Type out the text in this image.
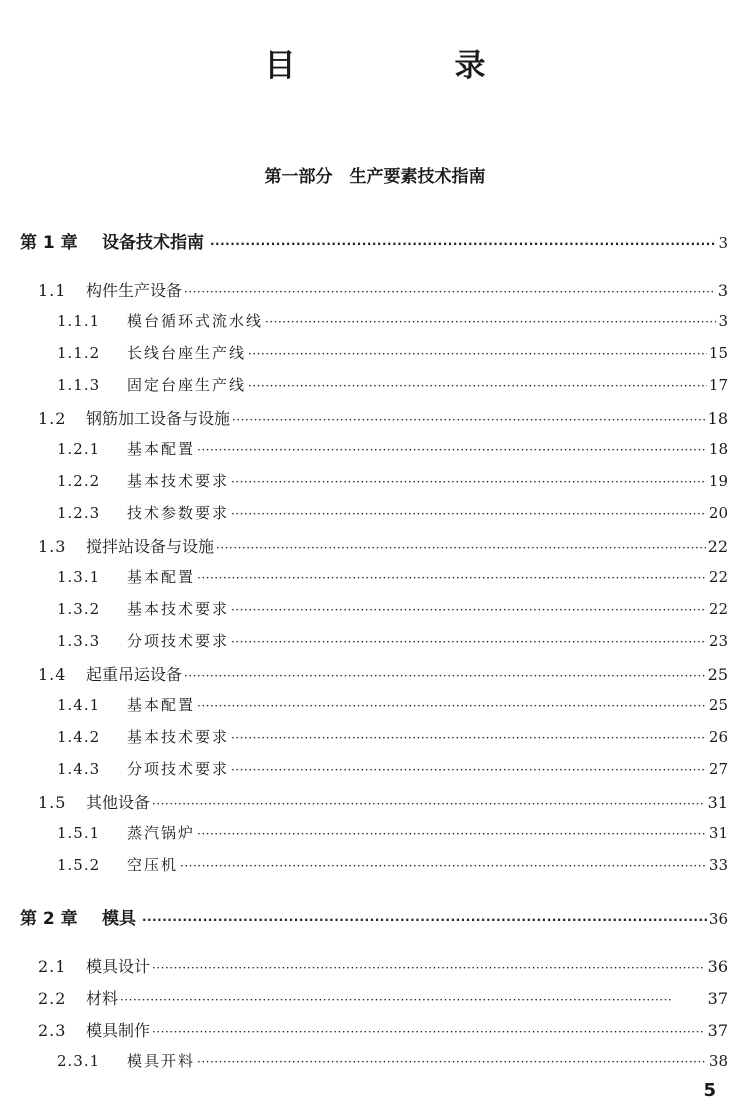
目　录
第一部分　生产要素技术指南
第 1 章	设备技术指南 ·····	3
1.1	构件生产设备 ·····	3
1.1.1	模台循环式流水线 ·····	3
1.1.2	长线台座生产线 ·····	15
1.1.3	固定台座生产线 ·····	17
1.2	钢筋加工设备与设施 ·····	18
1.2.1	基本配置 ·····	18
1.2.2	基本技术要求 ·····	19
1.2.3	技术参数要求 ·····	20
1.3	搅拌站设备与设施 ·····	22
1.3.1	基本配置 ·····	22
1.3.2	基本技术要求 ·····	22
1.3.3	分项技术要求 ·····	23
1.4	起重吊运设备 ·····	25
1.4.1	基本配置 ·····	25
1.4.2	基本技术要求 ·····	26
1.4.3	分项技术要求 ·····	27
1.5	其他设备 ·····	31
1.5.1	蒸汽锅炉 ·····	31
1.5.2	空压机 ·····	33
第 2 章	模具 ·····	36
2.1	模具设计 ·····	36
2.2	材料 ·····	37
2.3	模具制作 ·····	37
2.3.1	模具开料 ·····	38
5
